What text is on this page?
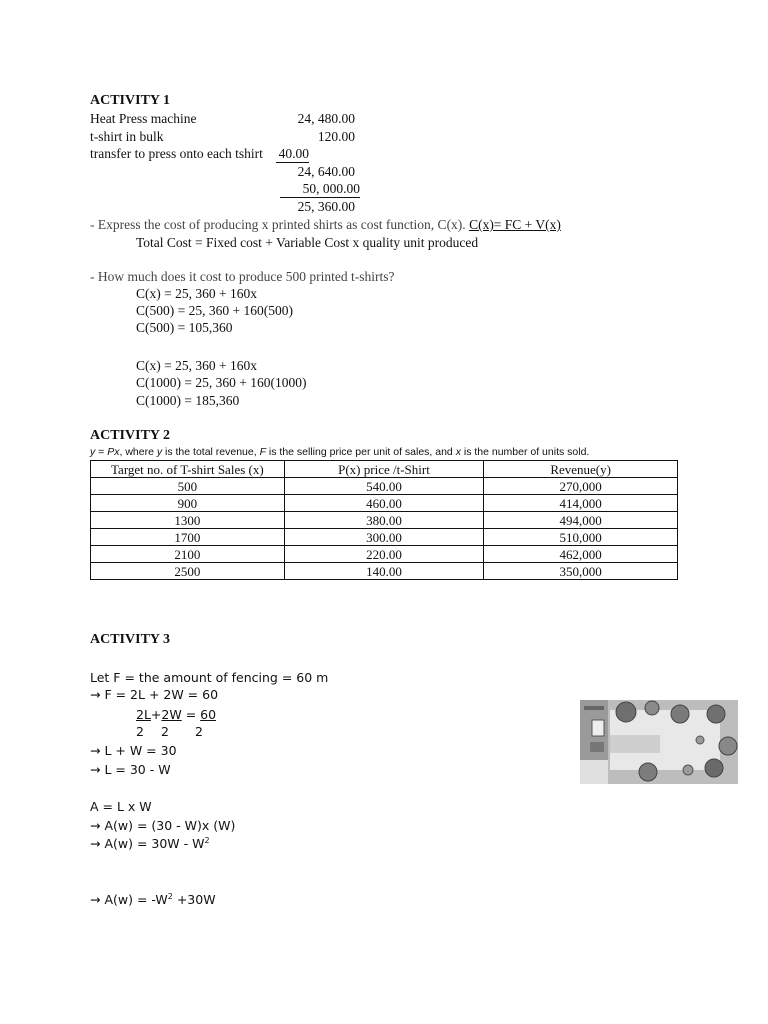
ACTIVITY 1
Heat Press machine	24, 480.00
t-shirt in bulk	120.00
transfer to press onto each tshirt 40.00
24, 640.00
50, 000.00
25, 360.00
- Express the cost of producing x printed shirts as cost function, C(x). C(x)= FC + V(x)
Total Cost = Fixed cost + Variable Cost x quality unit produced
- How much does it cost to produce 500 printed t-shirts?
C(x) = 25, 360 + 160x
C(500) = 25, 360 + 160(500)
C(500) = 105,360
C(x) = 25, 360 + 160x
C(1000) = 25, 360 + 160(1000)
C(1000) = 185,360
ACTIVITY 2
y = Px, where y is the total revenue, F is the selling price per unit of sales, and x is the number of units sold.
Target no. of T-shirt Sales (x)	P(x) price /t-Shirt	Revenue(y)
500	540.00	270,000
900	460.00	414,000
1300	380.00	494,000
1700	300.00	510,000
2100	220.00	462,000
2500	140.00	350,000
ACTIVITY 3
Let F = the amount of fencing = 60 m
→ F = 2L + 2W = 60
2L+2W = 60
2 2 2
→ L + W = 30
→ L = 30 - W
A = L x W
→ A(w) = (30 - W)x (W)
→ $A(w) = 30W - W^2$
→ $A(w) = -W^2 +30W$
